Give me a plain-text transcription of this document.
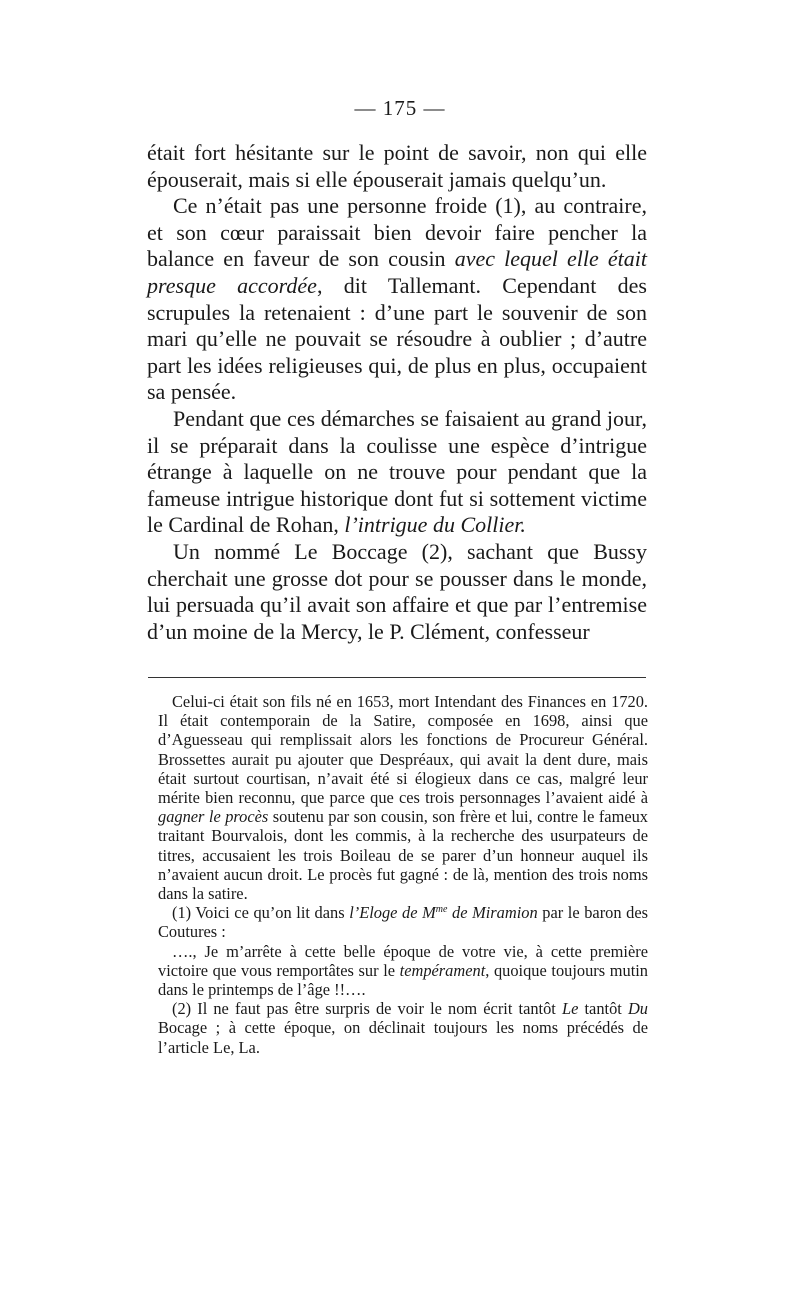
— 175 —

était fort hésitante sur le point de savoir, non qui elle épouserait, mais si elle épouserait jamais quelqu’un.

Ce n’était pas une personne froide (1), au contraire, et son cœur paraissait bien devoir faire pencher la balance en faveur de son cousin avec lequel elle était presque accordée, dit Tallemant. Cependant des scrupules la retenaient : d’une part le souvenir de son mari qu’elle ne pouvait se résoudre à oublier ; d’autre part les idées religieuses qui, de plus en plus, occupaient sa pensée.

Pendant que ces démarches se faisaient au grand jour, il se préparait dans la coulisse une espèce d’intrigue étrange à laquelle on ne trouve pour pendant que la fameuse intrigue historique dont fut si sottement victime le Cardinal de Rohan, l’intrigue du Collier.

Un nommé Le Boccage (2), sachant que Bussy cherchait une grosse dot pour se pousser dans le monde, lui persuada qu’il avait son affaire et que par l’entremise d’un moine de la Mercy, le P. Clément, confesseur

Celui-ci était son fils né en 1653, mort Intendant des Finances en 1720. Il était contemporain de la Satire, composée en 1698, ainsi que d’Aguesseau qui remplissait alors les fonctions de Procureur Général. Brossettes aurait pu ajouter que Despréaux, qui avait la dent dure, mais était surtout courtisan, n’avait été si élogieux dans ce cas, malgré leur mérite bien reconnu, que parce que ces trois personnages l’avaient aidé à gagner le procès soutenu par son cousin, son frère et lui, contre le fameux traitant Bourvalois, dont les commis, à la recherche des usurpateurs de titres, accusaient les trois Boileau de se parer d’un honneur auquel ils n’avaient aucun droit. Le procès fut gagné : de là, mention des trois noms dans la satire.

(1) Voici ce qu’on lit dans l’Eloge de $M^{me}$ de Miramion par le baron des Coutures :

…., Je m’arrête à cette belle époque de votre vie, à cette première victoire que vous remportâtes sur le tempérament, quoique toujours mutin dans le printemps de l’âge !!….

(2) Il ne faut pas être surpris de voir le nom écrit tantôt Le tantôt Du Bocage ; à cette époque, on déclinait toujours les noms précédés de l’article Le, La.
